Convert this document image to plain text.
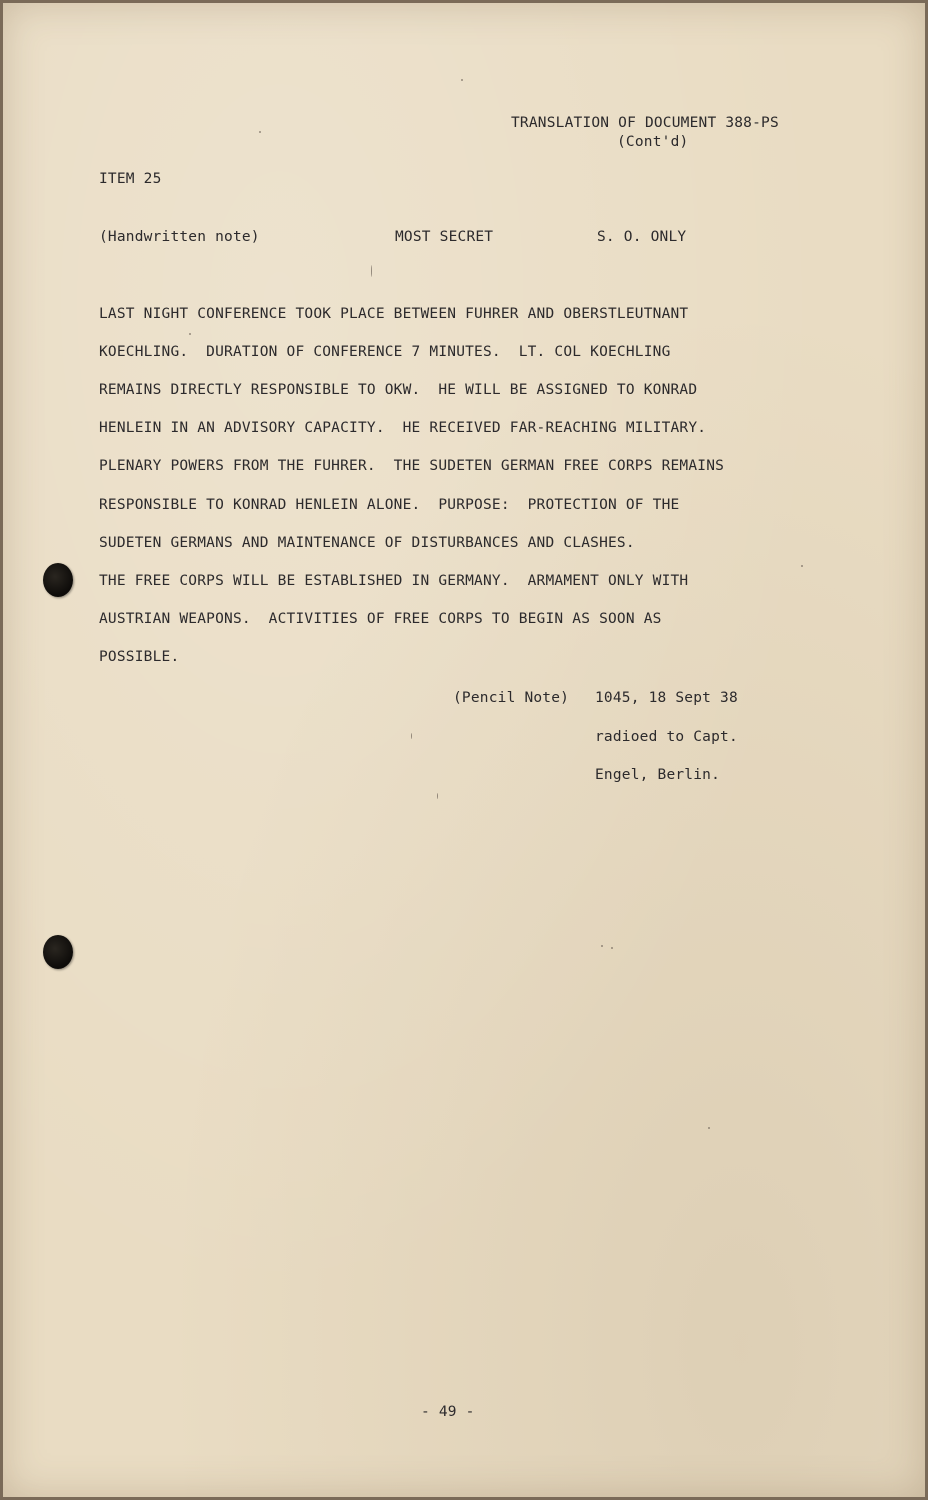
TRANSLATION OF DOCUMENT 388-PS
(Cont'd)
ITEM 25
(Handwritten note)	MOST SECRET	S. O. ONLY
LAST NIGHT CONFERENCE TOOK PLACE BETWEEN FUHRER AND OBERSTLEUTNANT
KOECHLING.  DURATION OF CONFERENCE 7 MINUTES.  LT. COL KOECHLING
REMAINS DIRECTLY RESPONSIBLE TO OKW.  HE WILL BE ASSIGNED TO KONRAD
HENLEIN IN AN ADVISORY CAPACITY.  HE RECEIVED FAR-REACHING MILITARY.
PLENARY POWERS FROM THE FUHRER.  THE SUDETEN GERMAN FREE CORPS REMAINS
RESPONSIBLE TO KONRAD HENLEIN ALONE.  PURPOSE:  PROTECTION OF THE
SUDETEN GERMANS AND MAINTENANCE OF DISTURBANCES AND CLASHES.
THE FREE CORPS WILL BE ESTABLISHED IN GERMANY.  ARMAMENT ONLY WITH
AUSTRIAN WEAPONS.  ACTIVITIES OF FREE CORPS TO BEGIN AS SOON AS
POSSIBLE.
(Pencil Note) 1045, 18 Sept 38
radioed to Capt.
Engel, Berlin.
- 49 -
